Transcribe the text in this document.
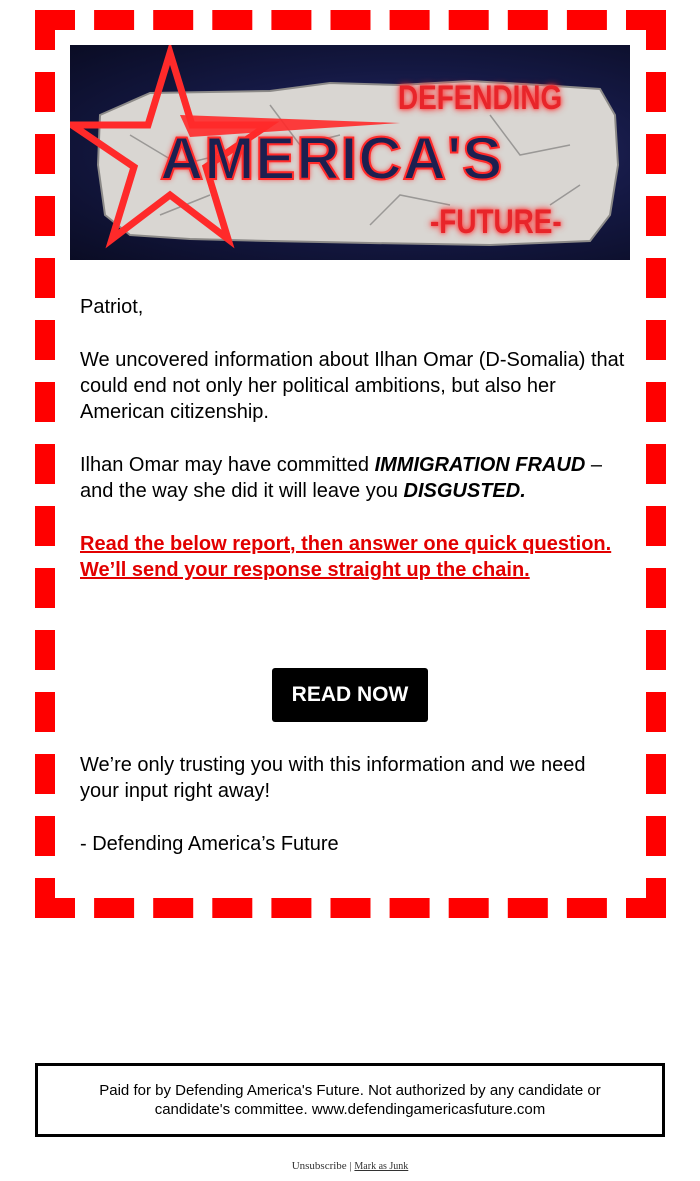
DEFENDING
AMERICA'S
-FUTURE-

Patriot,

We uncovered information about Ilhan Omar (D-Somalia) that could end not only her political ambitions, but also her American citizenship.

Ilhan Omar may have committed IMMIGRATION FRAUD – and the way she did it will leave you DISGUSTED.

Read the below report, then answer one quick question. We’ll send your response straight up the chain.

READ NOW

We’re only trusting you with this information and we need your input right away!

- Defending America’s Future

Paid for by Defending America's Future. Not authorized by any candidate or candidate's committee. www.defendingamericasfuture.com
Unsubscribe | Mark as Junk
